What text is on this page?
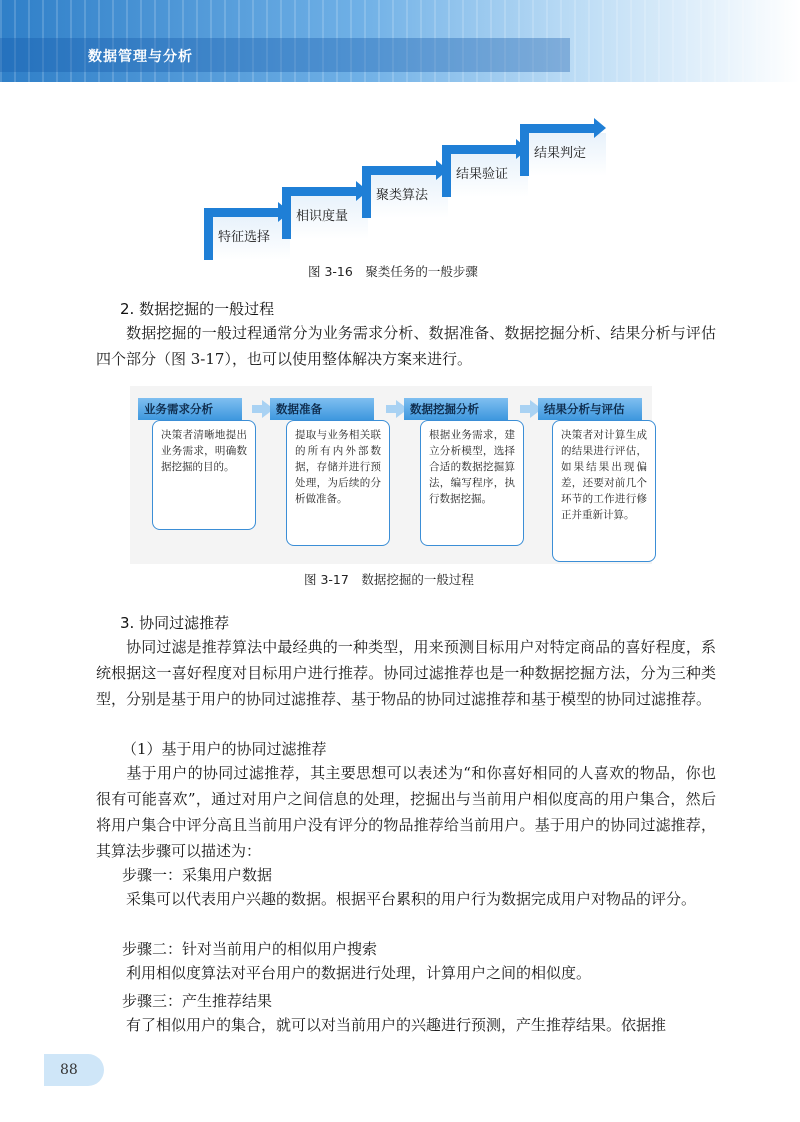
数据管理与分析
特征选择
相识度量
聚类算法
结果验证
结果判定
图 3-16　聚类任务的一般步骤
2. 数据挖掘的一般过程
数据挖掘的一般过程通常分为业务需求分析、数据准备、数据挖掘分析、结果分析与评估四个部分（图 3-17），也可以使用整体解决方案来进行。
业务需求分析
决策者清晰地提出业务需求，明确数据挖掘的目的。
数据准备
提取与业务相关联的所有内外部数据，存储并进行预处理，为后续的分析做准备。
数据挖掘分析
根据业务需求，建立分析模型，选择合适的数据挖掘算法，编写程序，执行数据挖掘。
结果分析与评估
决策者对计算生成的结果进行评估，如果结果出现偏差，还要对前几个环节的工作进行修正并重新计算。
图 3-17　数据挖掘的一般过程
3. 协同过滤推荐
协同过滤是推荐算法中最经典的一种类型，用来预测目标用户对特定商品的喜好程度，系统根据这一喜好程度对目标用户进行推荐。协同过滤推荐也是一种数据挖掘方法，分为三种类型，分别是基于用户的协同过滤推荐、基于物品的协同过滤推荐和基于模型的协同过滤推荐。
（1）基于用户的协同过滤推荐
基于用户的协同过滤推荐，其主要思想可以表述为“和你喜好相同的人喜欢的物品，你也很有可能喜欢”，通过对用户之间信息的处理，挖掘出与当前用户相似度高的用户集合，然后将用户集合中评分高且当前用户没有评分的物品推荐给当前用户。基于用户的协同过滤推荐，其算法步骤可以描述为：
步骤一：采集用户数据
采集可以代表用户兴趣的数据。根据平台累积的用户行为数据完成用户对物品的评分。
步骤二：针对当前用户的相似用户搜索
利用相似度算法对平台用户的数据进行处理，计算用户之间的相似度。
步骤三：产生推荐结果
有了相似用户的集合，就可以对当前用户的兴趣进行预测，产生推荐结果。依据推
88
